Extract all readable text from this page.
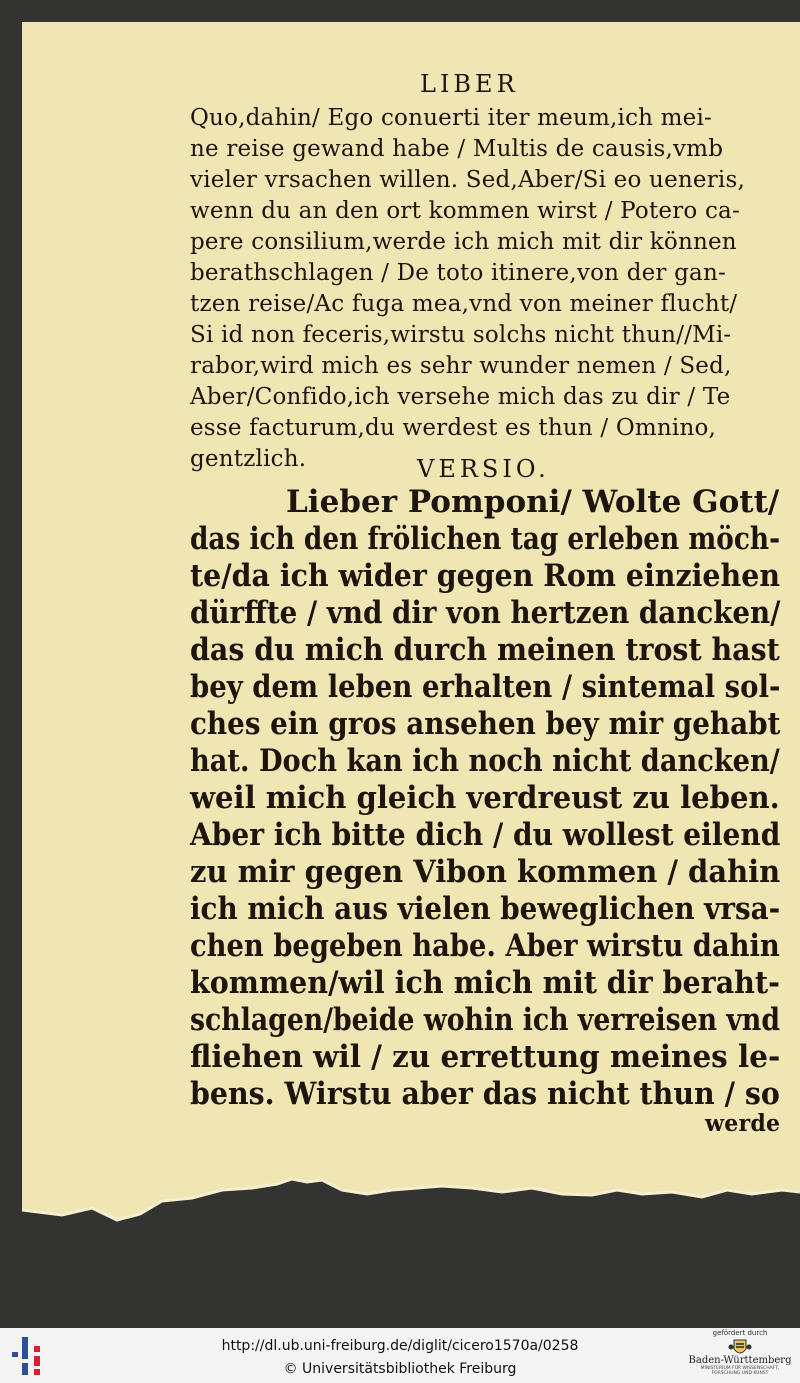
LIBER
Quo,dahin/ Ego conuerti iter meum,ich mei-
ne reise gewand habe / Multis de causis,vmb
vieler vrsachen willen. Sed,Aber/Si eo ueneris,
wenn du an den ort kommen wirst / Potero ca-
pere consilium,werde ich mich mit dir können
berathschlagen / De toto itinere,von der gan-
tzen reise/Ac fuga mea,vnd von meiner flucht/
Si id non feceris,wirstu solchs nicht thun//Mi-
rabor,wird mich es sehr wunder nemen / Sed,
Aber/Confido,ich versehe mich das zu dir / Te
esse facturum,du werdest es thun / Omnino,
gentzlich.	VERSIO.
Lieber Pomponi/ Wolte Gott/
das ich den frölichen tag erleben möch-
te/da ich wider gegen Rom einziehen
dürffte / vnd dir von hertzen dancken/
das du mich durch meinen trost hast
bey dem leben erhalten / sintemal sol-
ches ein gros ansehen bey mir gehabt
hat. Doch kan ich noch nicht dancken/
weil mich gleich verdreust zu leben.
Aber ich bitte dich / du wollest eilend
zu mir gegen Vibon kommen / dahin
ich mich aus vielen beweglichen vrsa-
chen begeben habe. Aber wirstu dahin
kommen/wil ich mich mit dir beraht-
schlagen/beide wohin ich verreisen vnd
fliehen wil / zu errettung meines le-
bens. Wirstu aber das nicht thun / so
werde
http://dl.ub.uni-freiburg.de/diglit/cicero1570a/0258
© Universitätsbibliothek Freiburg
gefördert durch
Baden-Württemberg
MINISTERIUM FÜR WISSENSCHAFT, FORSCHUNG UND KUNST
